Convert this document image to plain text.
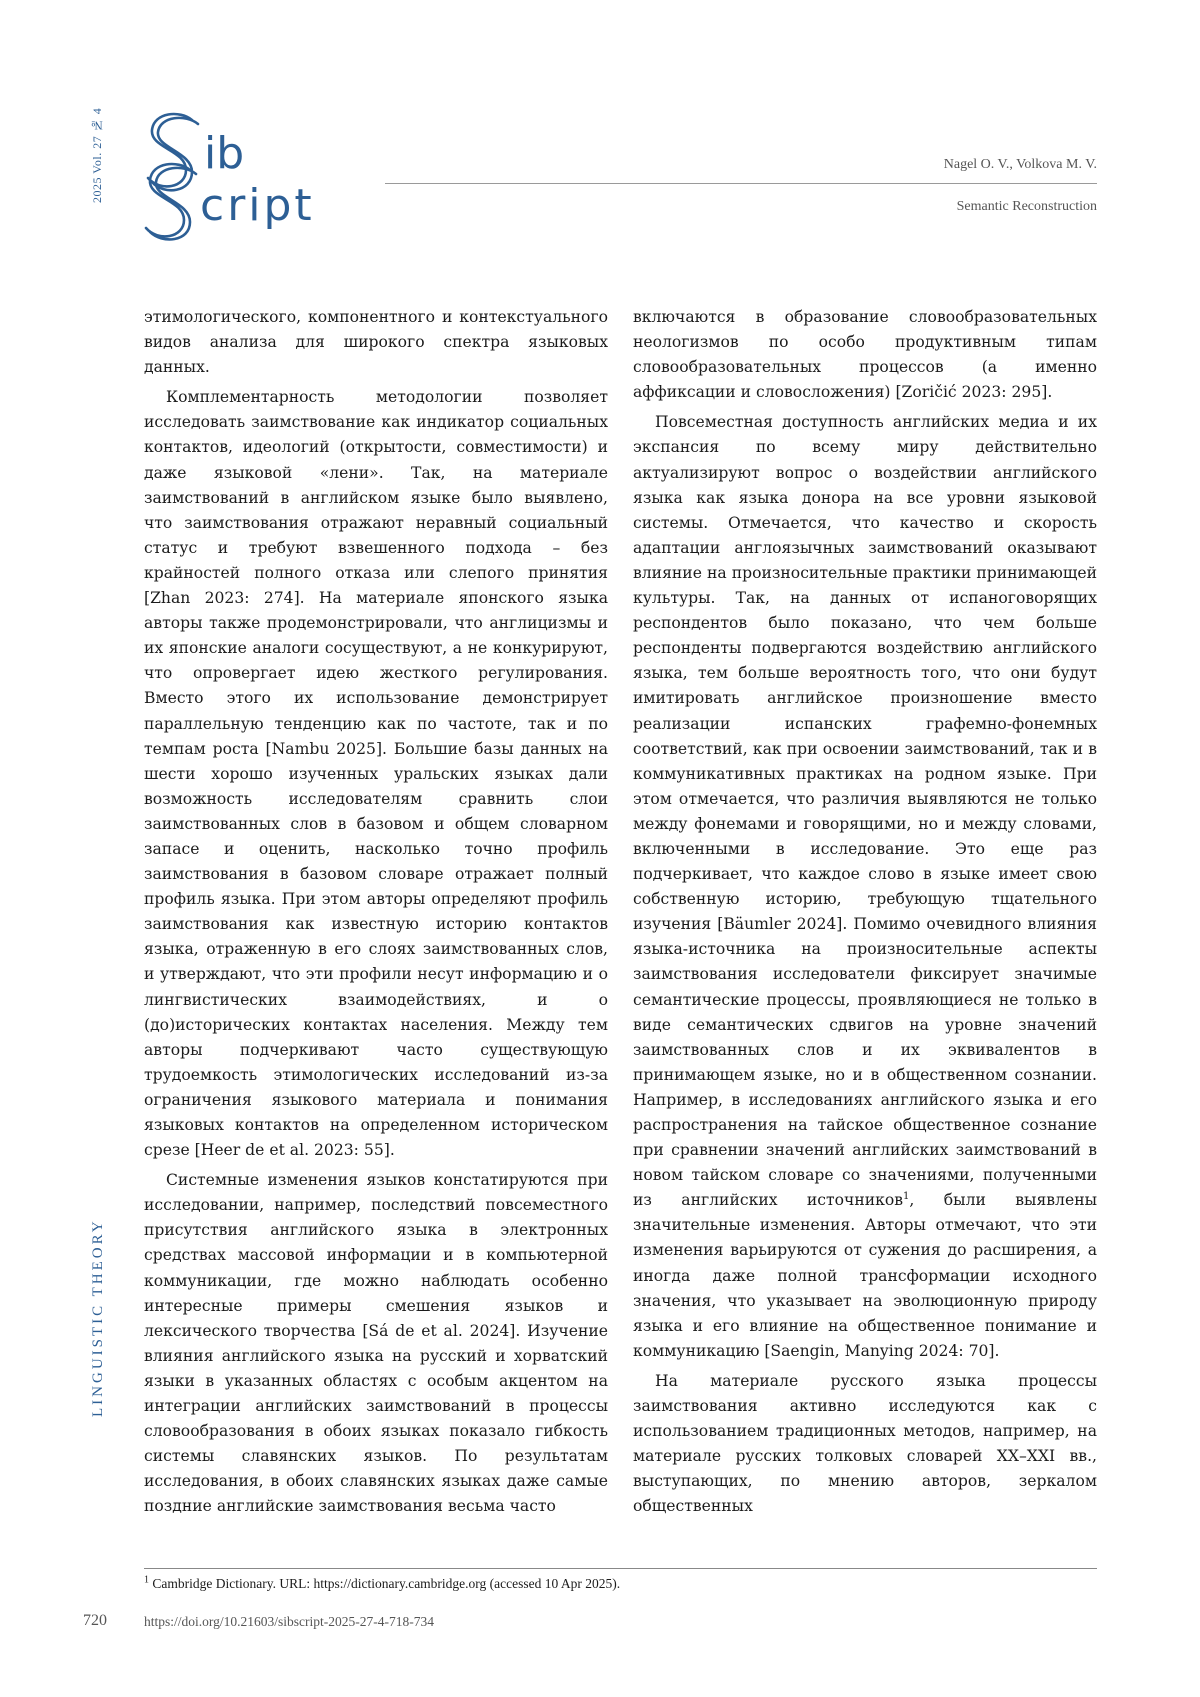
2025 Vol. 27 № 4 ib
cript
Nagel O. V., Volkova M. V.
Semantic Reconstruction

этимологического, компонентного и контекстуального видов анализа для широкого спектра языковых данных.

Комплементарность методологии позволяет исследовать заимствование как индикатор социальных контактов, идеологий (открытости, совместимости) и даже языковой «лени». Так, на материале заимствований в английском языке было выявлено, что заимствования отражают неравный социальный статус и требуют взвешенного подхода – без крайностей полного отказа или слепого принятия [Zhan 2023: 274]. На материале японского языка авторы также продемонстрировали, что англицизмы и их японские аналоги сосуществуют, а не конкурируют, что опровергает идею жесткого регулирования. Вместо этого их использование демонстрирует параллельную тенденцию как по частоте, так и по темпам роста [Nambu 2025]. Большие базы данных на шести хорошо изученных уральских языках дали возможность исследователям сравнить слои заимствованных слов в базовом и общем словарном запасе и оценить, насколько точно профиль заимствования в базовом словаре отражает полный профиль языка. При этом авторы определяют профиль заимствования как известную историю контактов языка, отраженную в его слоях заимствованных слов, и утверждают, что эти профили несут информацию и о лингвистических взаимодействиях, и о (до)исторических контактах населения. Между тем авторы подчеркивают часто существующую трудоемкость этимологических исследований из-за ограничения языкового материала и понимания языковых контактов на определенном историческом срезе [Heer de et al. 2023: 55].

Системные изменения языков констатируются при исследовании, например, последствий повсеместного присутствия английского языка в электронных средствах массовой информации и в компьютерной коммуникации, где можно наблюдать особенно интересные примеры смешения языков и лексического творчества [Sá de et al. 2024]. Изучение влияния английского языка на русский и хорватский языки в указанных областях с особым акцентом на интеграции английских заимствований в процессы словообразования в обоих языках показало гибкость системы славянских языков. По результатам исследования, в обоих славянских языках даже самые поздние английские заимствования весьма часто

включаются в образование словообразовательных неологизмов по особо продуктивным типам словообразовательных процессов (а именно аффиксации и словосложения) [Zoričić 2023: 295].

Повсеместная доступность английских медиа и их экспансия по всему миру действительно актуализируют вопрос о воздействии английского языка как языка донора на все уровни языковой системы. Отмечается, что качество и скорость адаптации англоязычных заимствований оказывают влияние на произносительные практики принимающей культуры. Так, на данных от испаноговорящих респондентов было показано, что чем больше респонденты подвергаются воздействию английского языка, тем больше вероятность того, что они будут имитировать английское произношение вместо реализации испанских графемно-фонемных соответствий, как при освоении заимствований, так и в коммуникативных практиках на родном языке. При этом отмечается, что различия выявляются не только между фонемами и говорящими, но и между словами, включенными в исследование. Это еще раз подчеркивает, что каждое слово в языке имеет свою собственную историю, требующую тщательного изучения [Bäumler 2024]. Помимо очевидного влияния языка-источника на произносительные аспекты заимствования исследователи фиксирует значимые семантические процессы, проявляющиеся не только в виде семантических сдвигов на уровне значений заимствованных слов и их эквивалентов в принимающем языке, но и в общественном сознании. Например, в исследованиях английского языка и его распространения на тайское общественное сознание при сравнении значений английских заимствований в новом тайском словаре со значениями, полученными из английских источников1, были выявлены значительные изменения. Авторы отмечают, что эти изменения варьируются от сужения до расширения, а иногда даже полной трансформации исходного значения, что указывает на эволюционную природу языка и его влияние на общественное понимание и коммуникацию [Saengin, Manying 2024: 70].

На материале русского языка процессы заимствования активно исследуются как с использованием традиционных методов, например, на материале русских толковых словарей XX–XXI вв., выступающих, по мнению авторов, зеркалом общественных

LINGUISTIC THEORY
1 Cambridge Dictionary. URL: https://dictionary.cambridge.org (accessed 10 Apr 2025).
720	https://doi.org/10.21603/sibscript-2025-27-4-718-734
